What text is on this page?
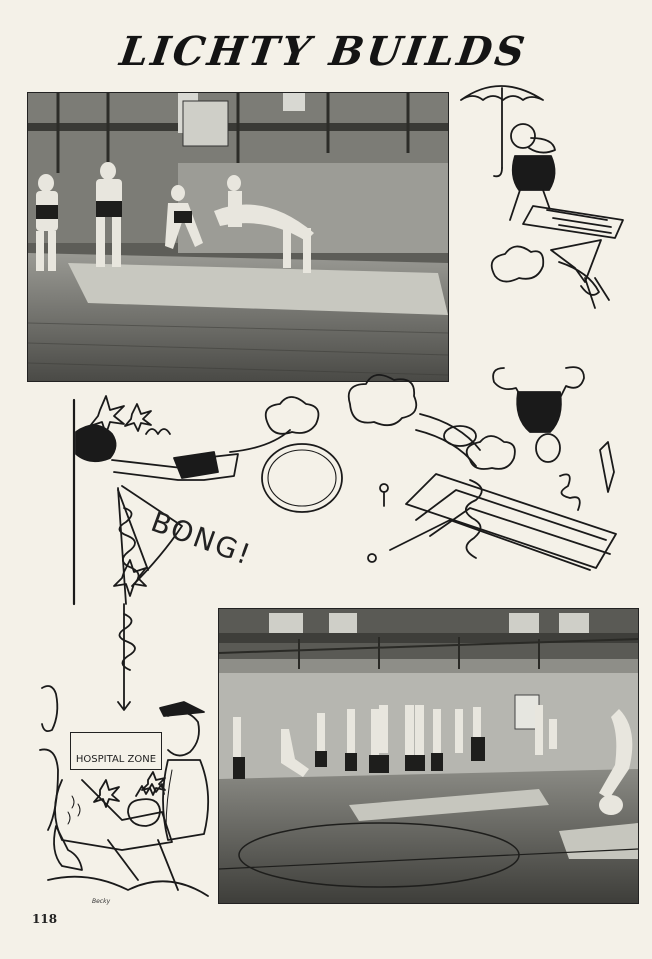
LICHTY BUILDS
BONG!
HOSPITAL ZONE
Becky
118
